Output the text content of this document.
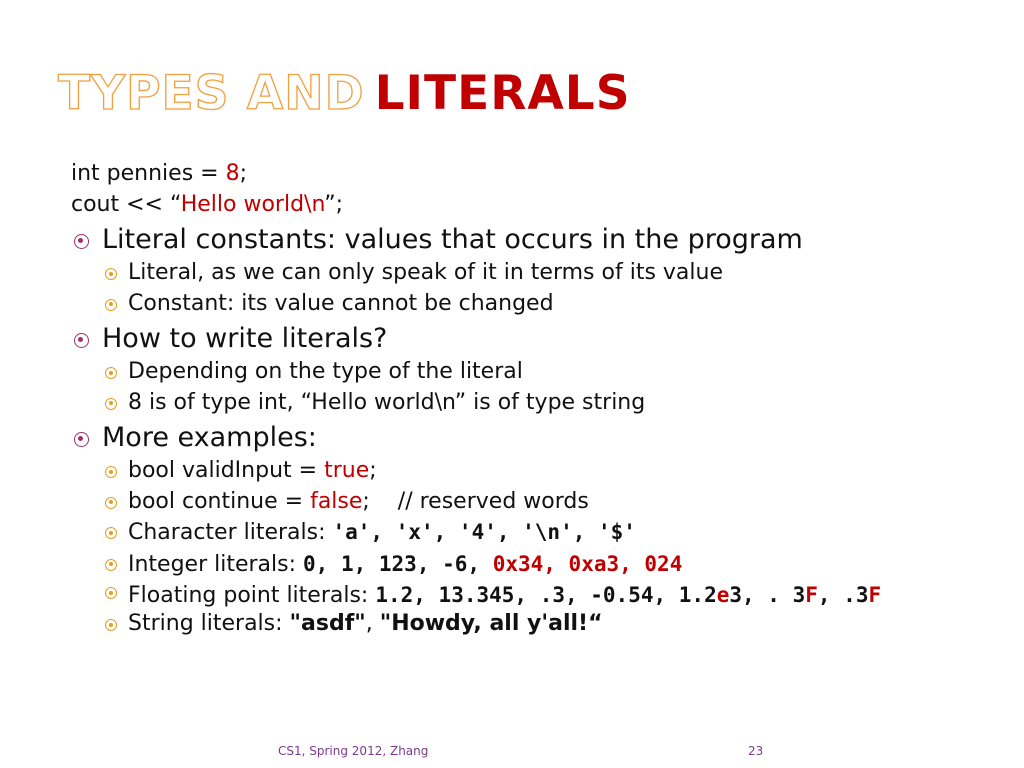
TYPES AND LITERALS
int pennies = 8;
cout << “Hello world\n”;
Literal constants: values that occurs in the program
Literal, as we can only speak of it in terms of its value
Constant: its value cannot be changed
How to write literals?
Depending on the type of the literal
8 is of type int, “Hello world\n” is of type string
More examples:
bool validInput = true;
bool continue = false;    // reserved words
Character literals: 'a', 'x', '4', '\n', '$'
Integer literals: 0, 1, 123, -6, 0x34, 0xa3, 024
Floating point literals: 1.2, 13.345, .3, -0.54, 1.2e3, . 3F, .3F
String literals: "asdf", "Howdy, all y'all!“
CS1, Spring 2012, Zhang	23
